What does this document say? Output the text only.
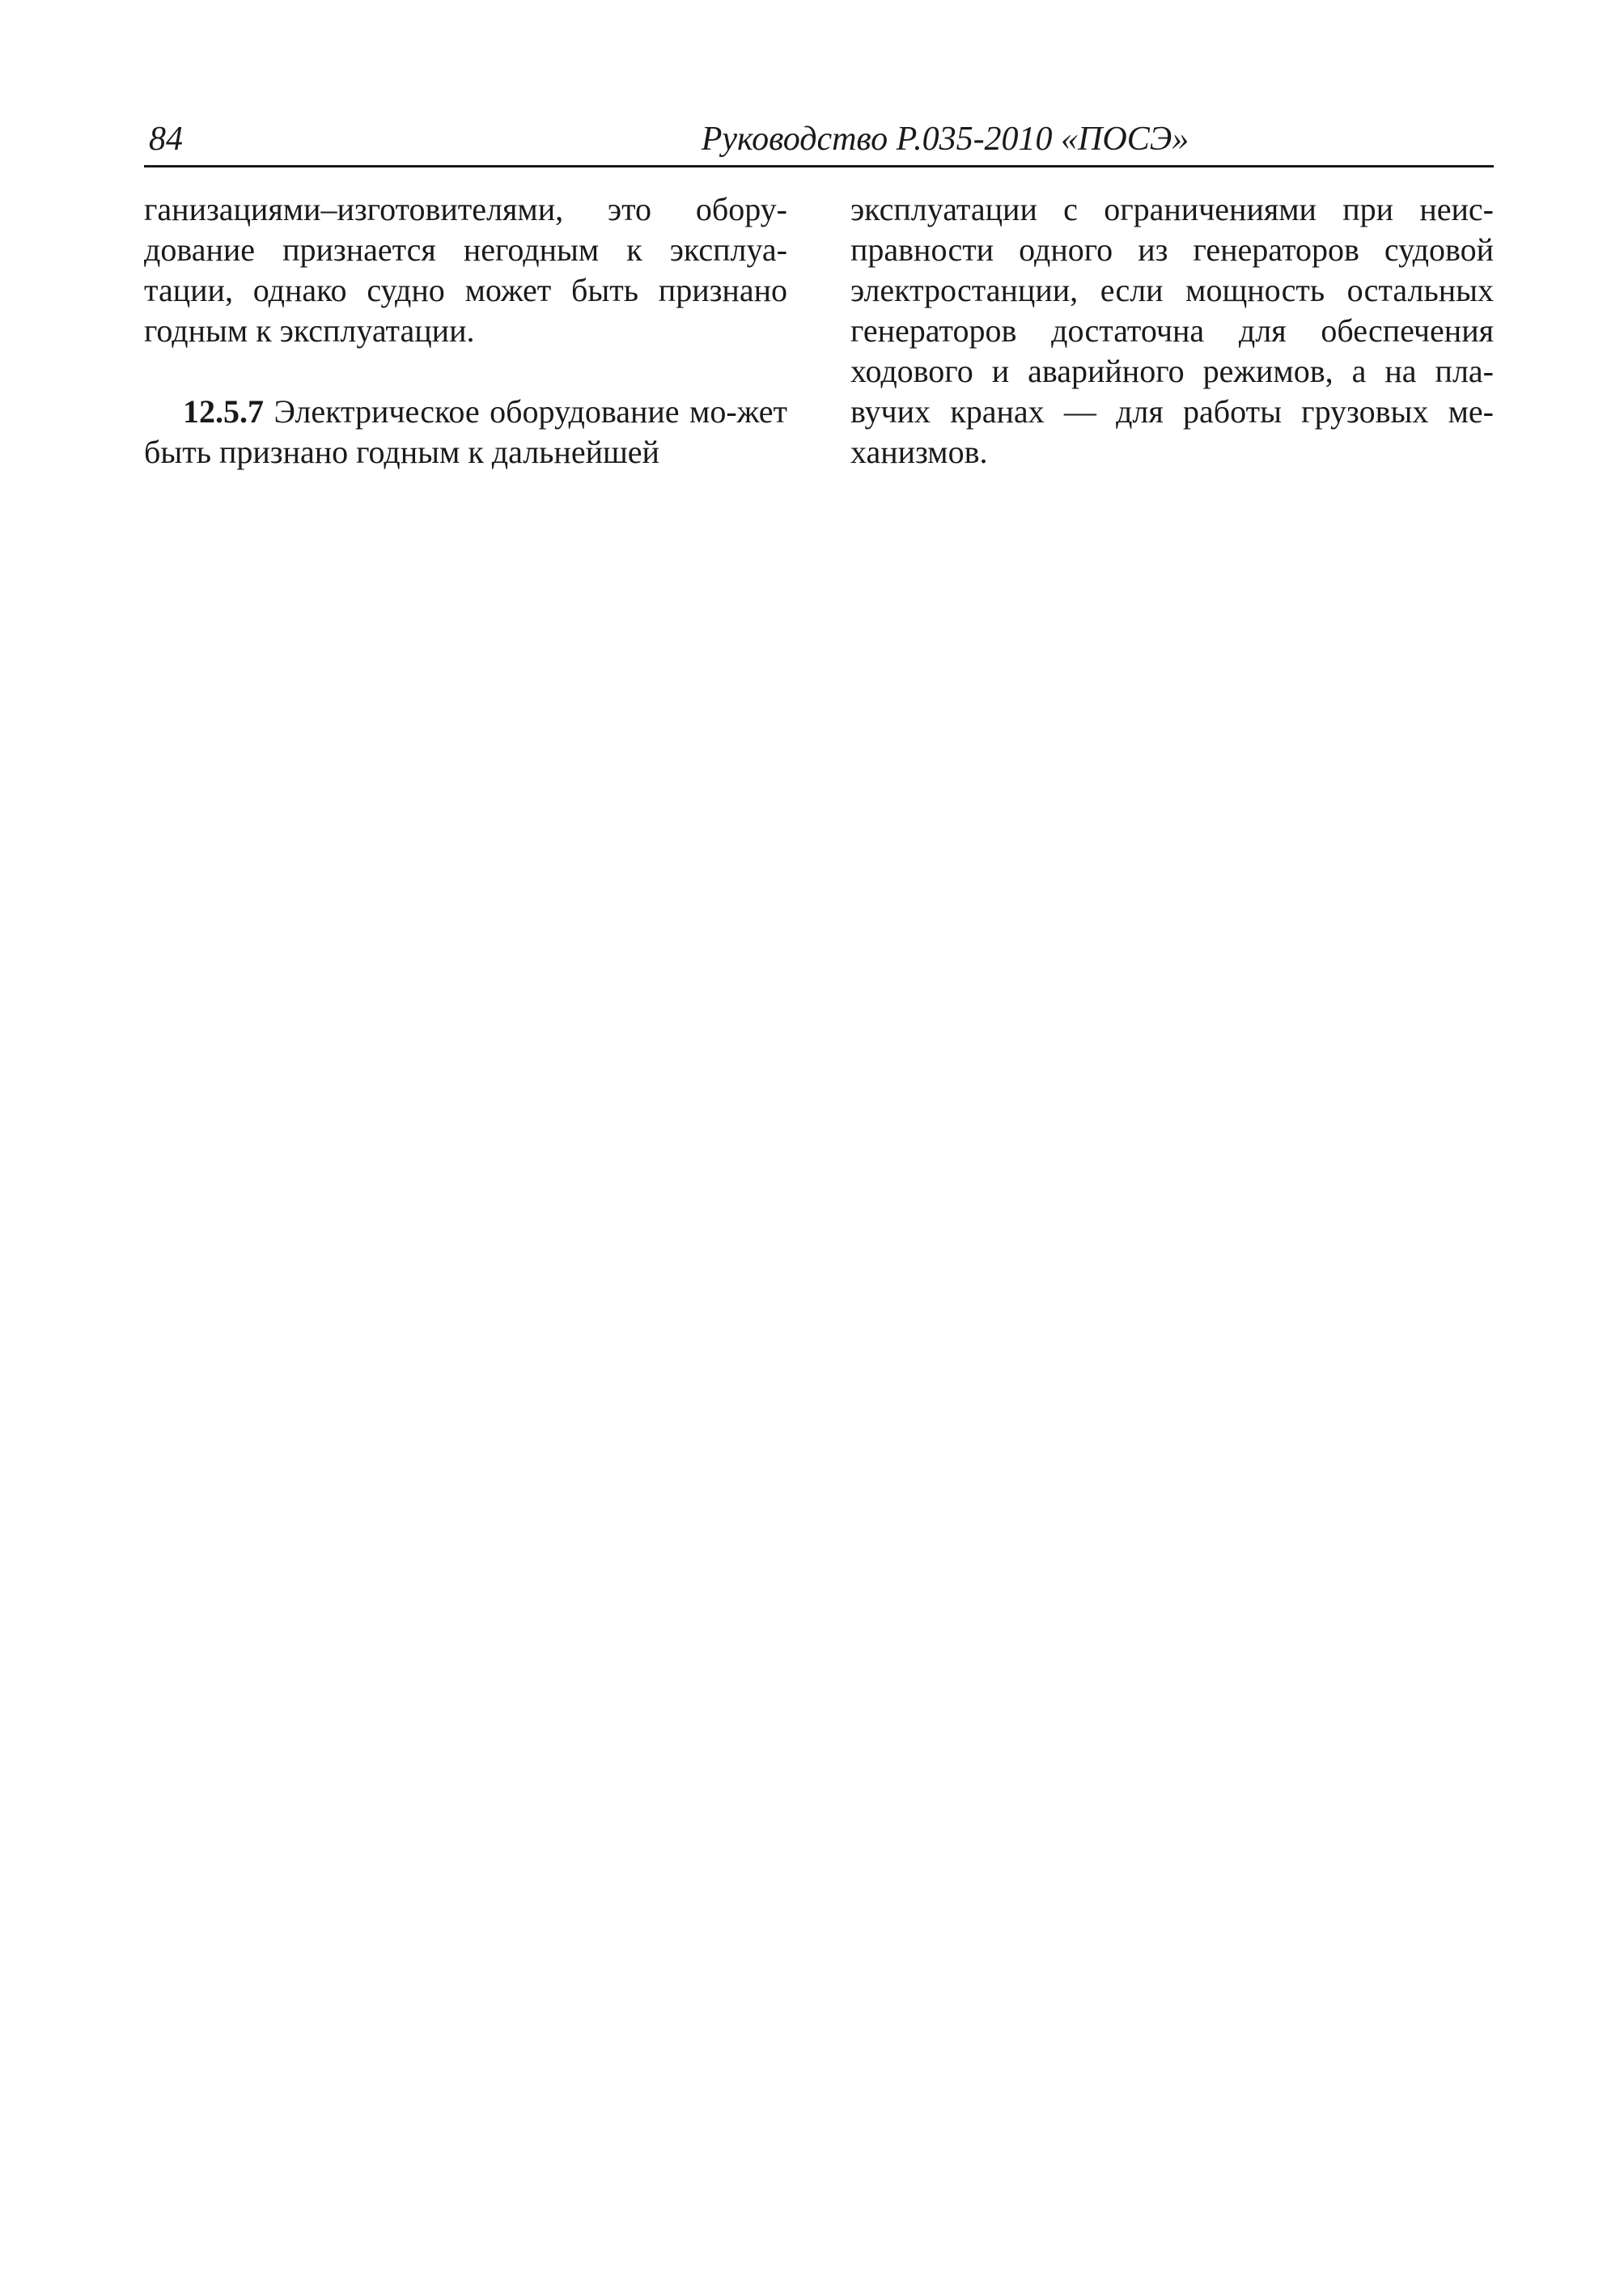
84	Руководство Р.035-2010 «ПОСЭ»

ганизациями–изготовителями, это обору-дование признается негодным к эксплуа-тации, однако судно может быть признано годным к эксплуатации.

12.5.7 Электрическое оборудование мо-жет быть признано годным к дальнейшей

эксплуатации с ограничениями при неис-правности одного из генераторов судовой электростанции, если мощность остальных генераторов достаточна для обеспечения ходового и аварийного режимов, а на пла-вучих кранах — для работы грузовых ме-ханизмов.
